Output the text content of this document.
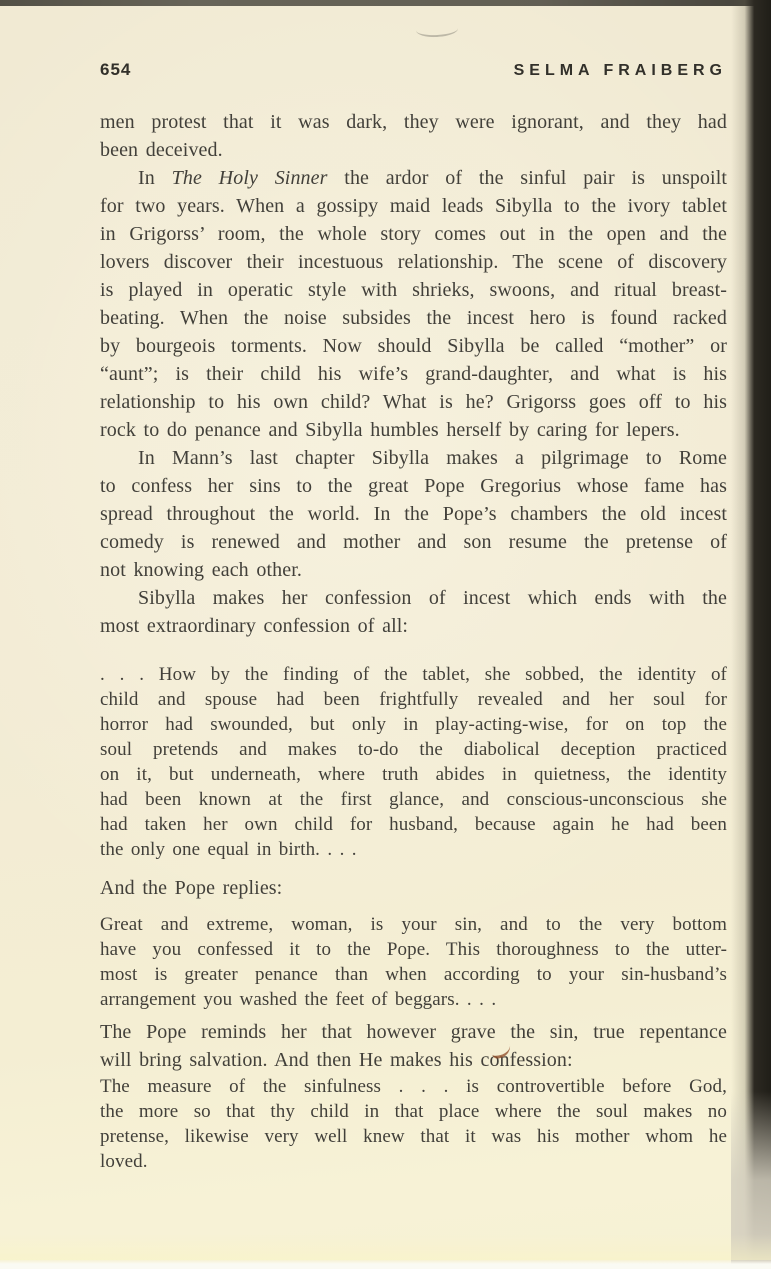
654	SELMA FRAIBERG
men protest that it was dark, they were ignorant, and they had
been deceived.
In The Holy Sinner the ardor of the sinful pair is unspoilt
for two years. When a gossipy maid leads Sibylla to the ivory tablet
in Grigorss’ room, the whole story comes out in the open and the
lovers discover their incestuous relationship. The scene of discovery
is played in operatic style with shrieks, swoons, and ritual breast-
beating. When the noise subsides the incest hero is found racked
by bourgeois torments. Now should Sibylla be called “mother” or
“aunt”; is their child his wife’s grand-daughter, and what is his
relationship to his own child? What is he? Grigorss goes off to his
rock to do penance and Sibylla humbles herself by caring for lepers.
In Mann’s last chapter Sibylla makes a pilgrimage to Rome
to confess her sins to the great Pope Gregorius whose fame has
spread throughout the world. In the Pope’s chambers the old incest
comedy is renewed and mother and son resume the pretense of
not knowing each other.
Sibylla makes her confession of incest which ends with the
most extraordinary confession of all:
. . . How by the finding of the tablet, she sobbed, the identity of
child and spouse had been frightfully revealed and her soul for
horror had swounded, but only in play-acting-wise, for on top the
soul pretends and makes to-do the diabolical deception practiced
on it, but underneath, where truth abides in quietness, the identity
had been known at the first glance, and conscious-unconscious she
had taken her own child for husband, because again he had been
the only one equal in birth. . . .
And the Pope replies:
Great and extreme, woman, is your sin, and to the very bottom
have you confessed it to the Pope. This thoroughness to the utter-
most is greater penance than when according to your sin-husband’s
arrangement you washed the feet of beggars. . . .
The Pope reminds her that however grave the sin, true repentance
will bring salvation. And then He makes his confession:
The measure of the sinfulness . . . is controvertible before God,
the more so that thy child in that place where the soul makes no
pretense, likewise very well knew that it was his mother whom he
loved.
